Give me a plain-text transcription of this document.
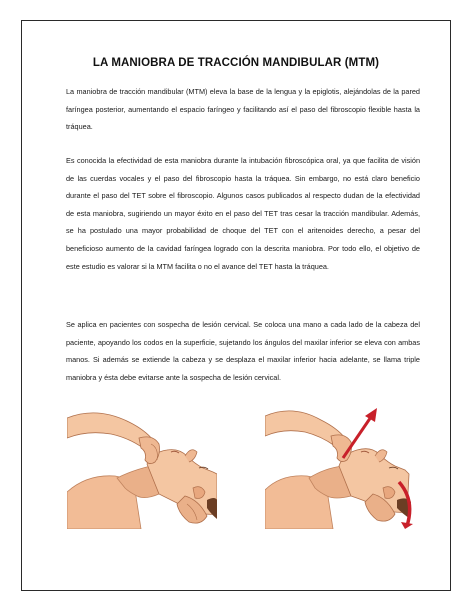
LA MANIOBRA DE TRACCIÓN MANDIBULAR (MTM)

La maniobra de tracción mandibular (MTM) eleva la base de la lengua y la epiglotis, alejándolas de la pared faríngea posterior, aumentando el espacio faríngeo y facilitando así el paso del fibroscopio flexible hasta la tráquea.

Es conocida la efectividad de esta maniobra durante la intubación fibroscópica oral, ya que facilita de visión de las cuerdas vocales y el paso del fibroscopio hasta la tráquea. Sin embargo, no está claro beneficio durante el paso del TET sobre el fibroscopio. Algunos casos publicados al respecto dudan de la efectividad de esta maniobra, sugiriendo un mayor éxito en el paso del TET tras cesar la tracción mandibular. Además, se ha postulado una mayor probabilidad de choque del TET con el aritenoides derecho, a pesar del beneficioso aumento de la cavidad faríngea logrado con la descrita maniobra. Por todo ello, el objetivo de este estudio es valorar si la MTM facilita o no el avance del TET hasta la tráquea.

Se aplica en pacientes con sospecha de lesión cervical. Se coloca una mano a cada lado de la cabeza del paciente, apoyando los codos en la superficie, sujetando los ángulos del maxilar inferior se eleva con ambas manos. Si además se extiende la cabeza y se desplaza el maxilar inferior hacia adelante, se llama triple maniobra y ésta debe evitarse ante la sospecha de lesión cervical.
